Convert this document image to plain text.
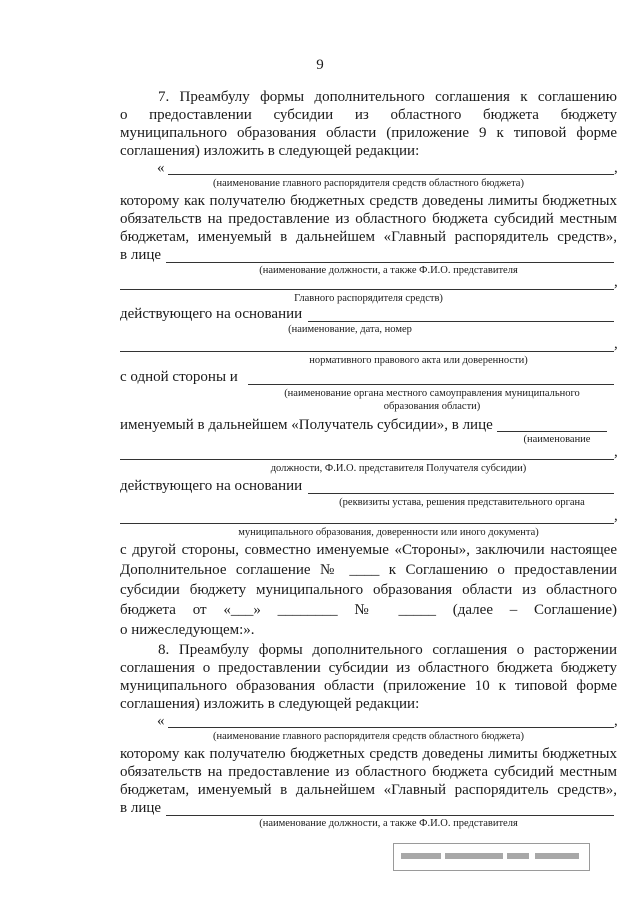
9
7. Преамбулу формы дополнительного соглашения к соглашению
о предоставлении субсидии из областного бюджета бюджету
муниципального образования области (приложение 9 к типовой форме
соглашения) изложить в следующей редакции:
«	,
(наименование главного распорядителя средств областного бюджета)
которому как получателю бюджетных средств доведены лимиты бюджетных
обязательств на предоставление из областного бюджета субсидий местным
бюджетам, именуемый в дальнейшем «Главный распорядитель средств»,
в лице
(наименование должности, а также Ф.И.О. представителя
,
Главного распорядителя средств)
действующего на основании
(наименование, дата, номер
,
нормативного правового акта или доверенности)
с одной стороны и
(наименование органа местного самоуправления муниципального
образования области)
именуемый в дальнейшем «Получатель субсидии», в лице
(наименование
,
должности, Ф.И.О. представителя Получателя субсидии)
действующего на основании
(реквизиты устава, решения представительного органа
,
муниципального образования, доверенности или иного документа)
с другой стороны, совместно именуемые «Стороны», заключили настоящее
Дополнительное соглашение № ____ к Соглашению о предоставлении
субсидии бюджету муниципального образования области из областного
бюджета от «___» ________ № _____ (далее – Соглашение)
о нижеследующем:».
8. Преамбулу формы дополнительного соглашения о расторжении
соглашения о предоставлении субсидии из областного бюджета бюджету
муниципального образования области (приложение 10 к типовой форме
соглашения) изложить в следующей редакции:
«	,
(наименование главного распорядителя средств областного бюджета)
которому как получателю бюджетных средств доведены лимиты бюджетных
обязательств на предоставление из областного бюджета субсидий местным
бюджетам, именуемый в дальнейшем «Главный распорядитель средств»,
в лице
(наименование должности, а также Ф.И.О. представителя
